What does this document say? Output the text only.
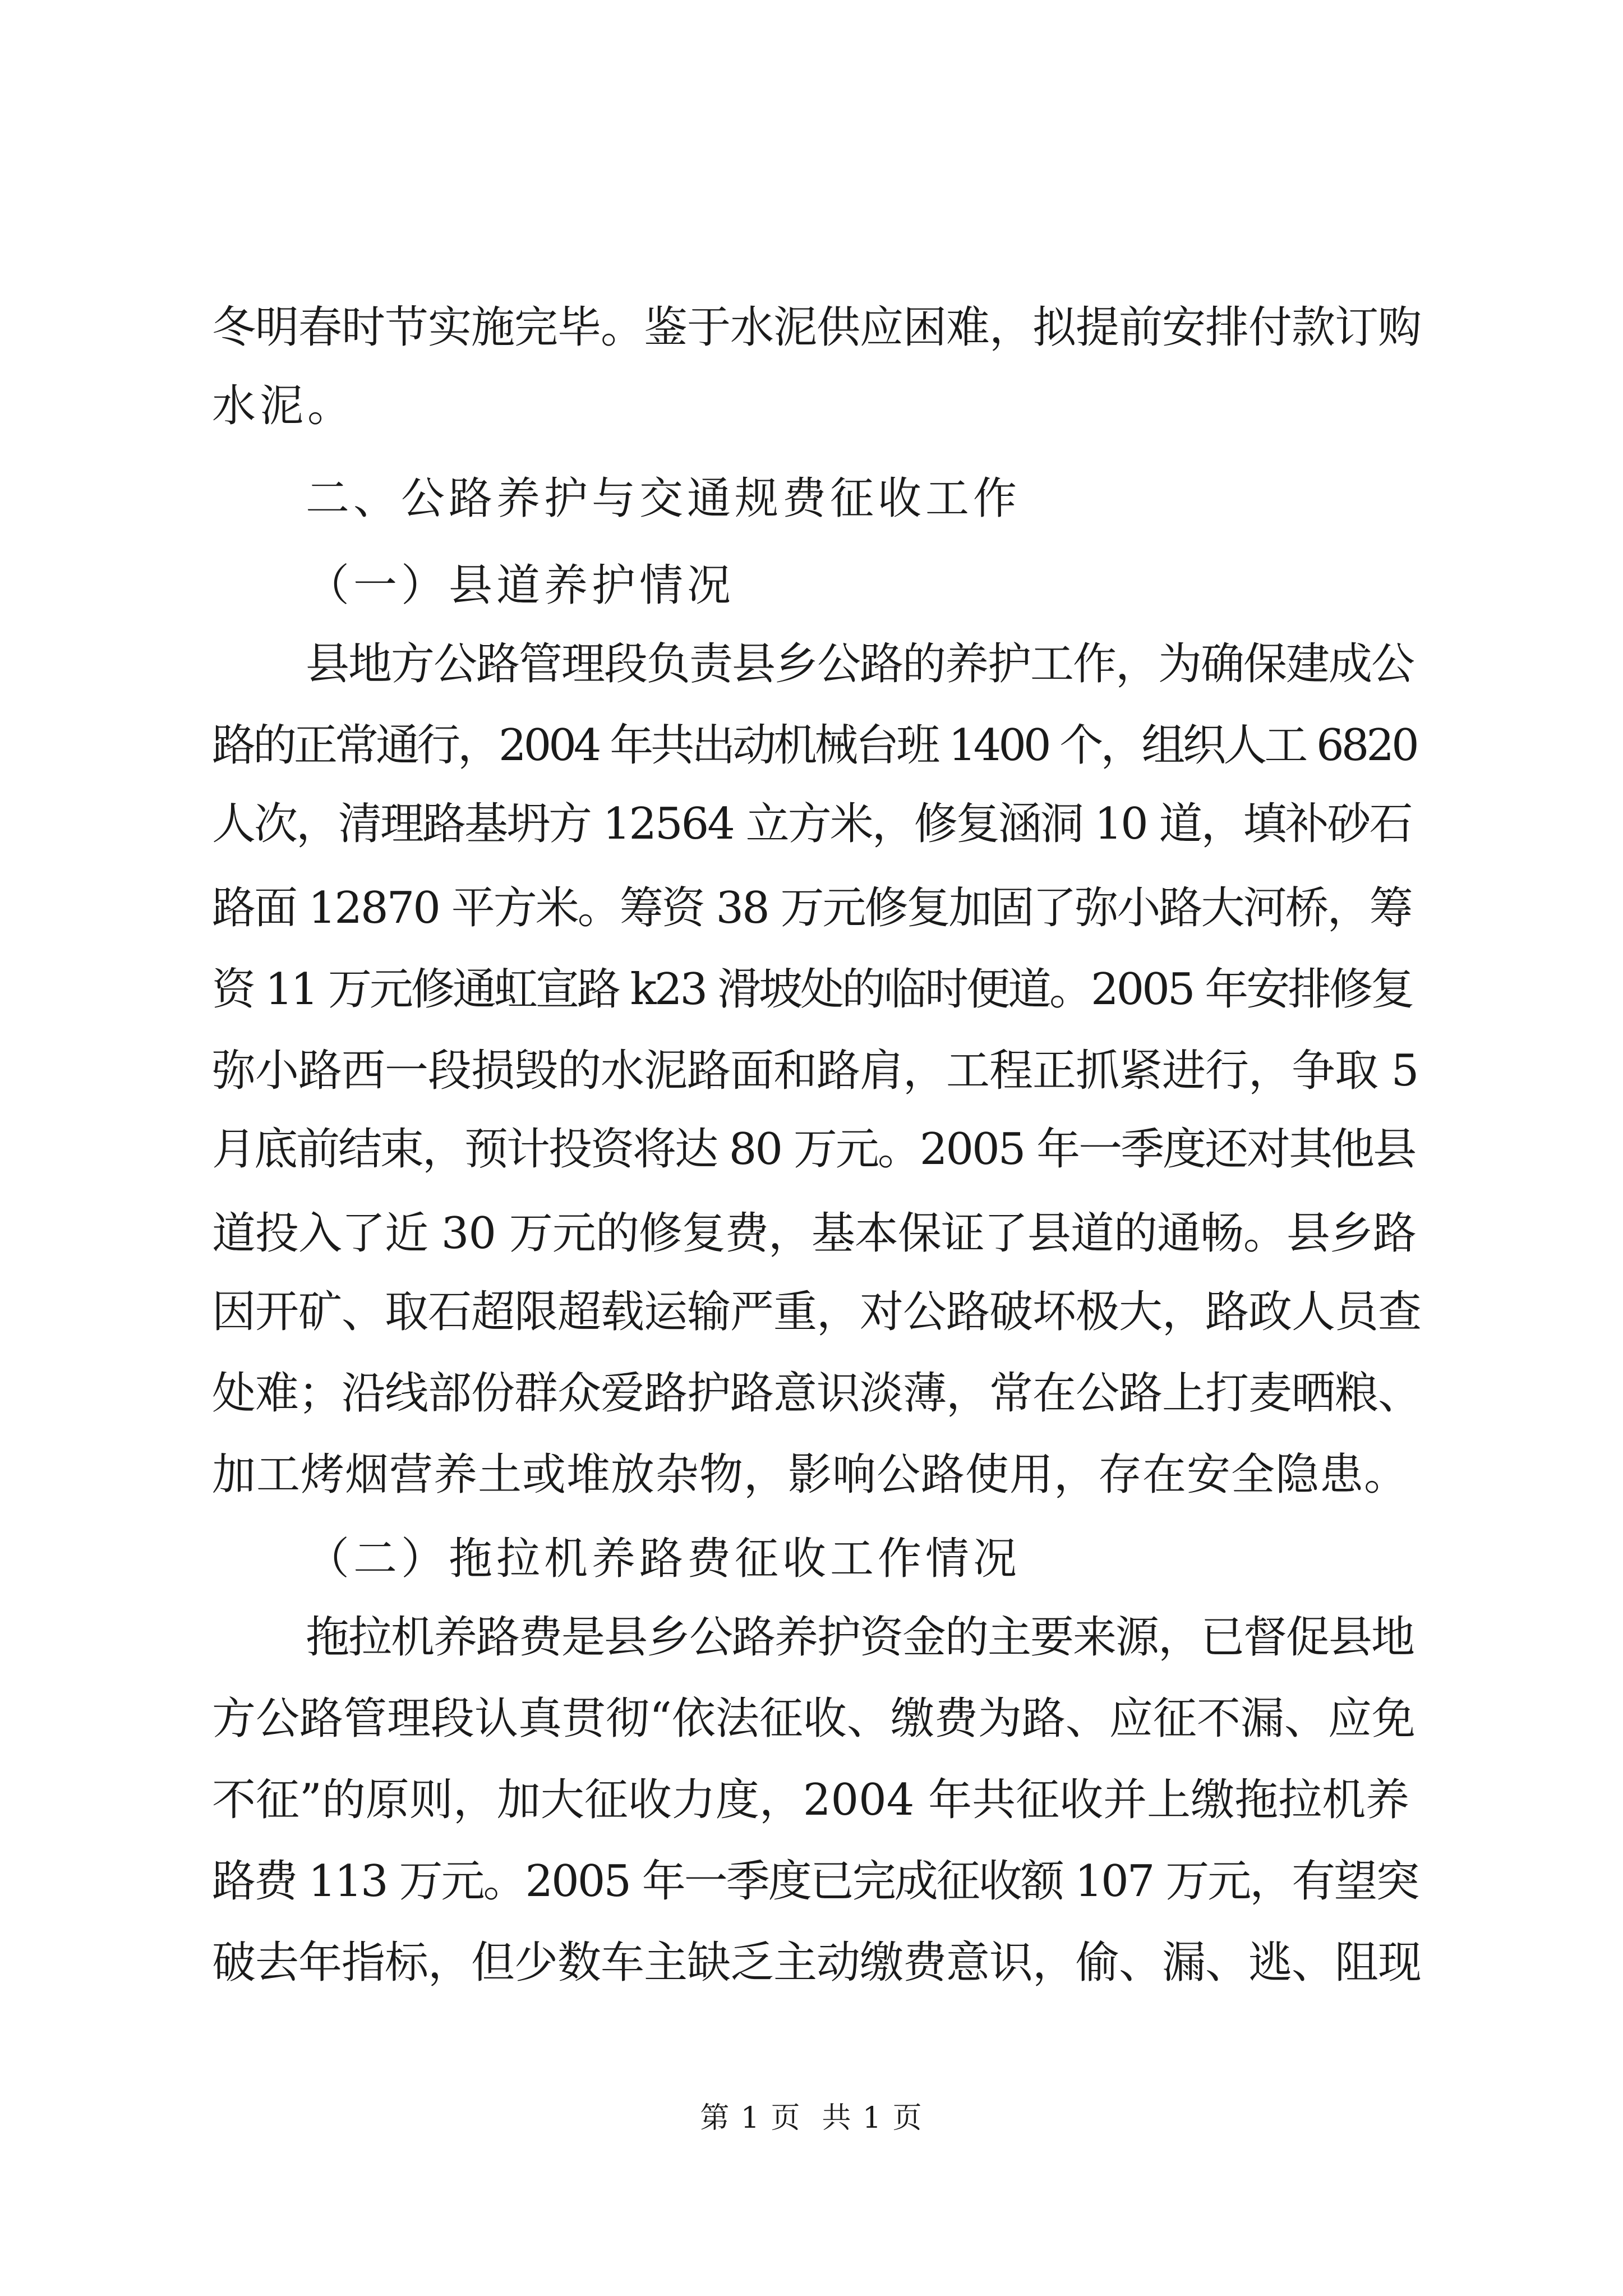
冬明春时节实施完毕。鉴于水泥供应困难，拟提前安排付款订购

水泥。

二、公路养护与交通规费征收工作

（一）县道养护情况

县地方公路管理段负责县乡公路的养护工作，为确保建成公

路的正常通行，2004 年共出动机械台班 1400 个，组织人工 6820

人次，清理路基坍方 12564 立方米，修复涵洞 10 道，填补砂石

路面 12870 平方米。筹资 38 万元修复加固了弥小路大河桥，筹

资 11 万元修通虹宣路 k23 滑坡处的临时便道。2005 年安排修复

弥小路西一段损毁的水泥路面和路肩，工程正抓紧进行，争取 5

月底前结束，预计投资将达 80 万元。2005 年一季度还对其他县

道投入了近 30 万元的修复费，基本保证了县道的通畅。县乡路

因开矿、取石超限超载运输严重，对公路破坏极大，路政人员查

处难；沿线部份群众爱路护路意识淡薄，常在公路上打麦晒粮、

加工烤烟营养土或堆放杂物，影响公路使用，存在安全隐患。

（二）拖拉机养路费征收工作情况

拖拉机养路费是县乡公路养护资金的主要来源，已督促县地

方公路管理段认真贯彻“依法征收、缴费为路、应征不漏、应免

不征”的原则，加大征收力度，2004 年共征收并上缴拖拉机养

路费 113 万元。2005 年一季度已完成征收额 107 万元，有望突

破去年指标，但少数车主缺乏主动缴费意识，偷、漏、逃、阻现

第 1 页  共 1 页
